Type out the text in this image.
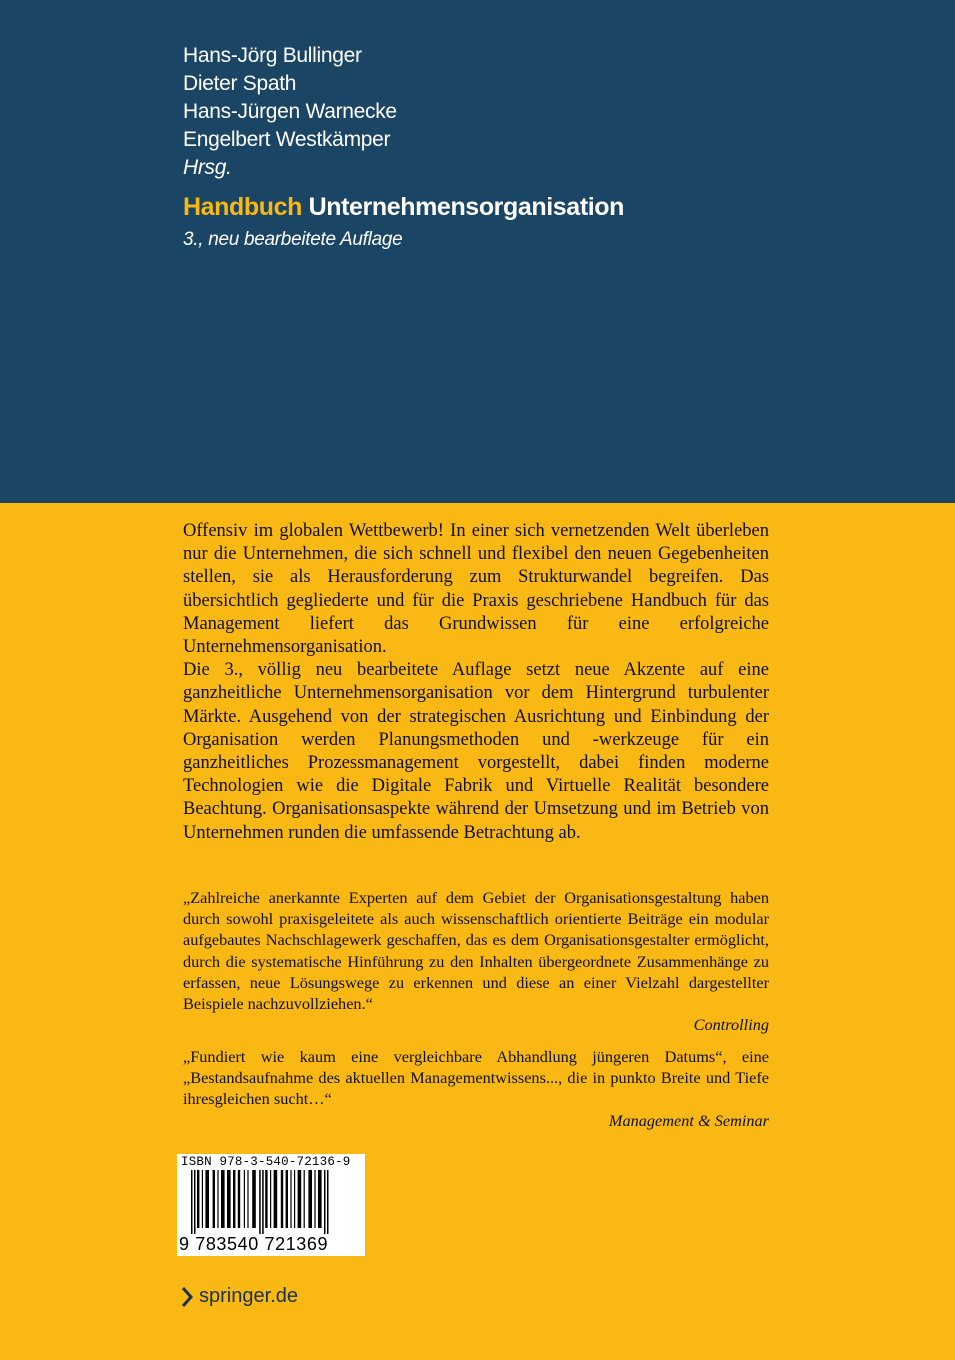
Hans-Jörg Bullinger
Dieter Spath
Hans-Jürgen Warnecke
Engelbert Westkämper
Hrsg.
Handbuch Unternehmensorganisation
3., neu bearbeitete Auflage

Offensiv im globalen Wettbewerb! In einer sich vernetzenden Welt überleben nur die Unternehmen, die sich schnell und flexibel den neuen Gegebenheiten stellen, sie als Herausforderung zum Strukturwandel begreifen. Das übersichtlich gegliederte und für die Praxis geschriebene Handbuch für das Management liefert das Grundwissen für eine erfolgreiche Unternehmensorganisation.

Die 3., völlig neu bearbeitete Auflage setzt neue Akzente auf eine ganzheitliche Unternehmensorganisation vor dem Hintergrund turbulenter Märkte. Ausgehend von der strategischen Ausrichtung und Einbindung der Organisation werden Planungsmethoden und -werkzeuge für ein ganzheitliches Prozessmanagement vorgestellt, dabei finden moderne Technologien wie die Digitale Fabrik und Virtuelle Realität besondere Beachtung. Organisationsaspekte während der Umsetzung und im Betrieb von Unternehmen runden die umfassende Betrachtung ab.

„Zahlreiche anerkannte Experten auf dem Gebiet der Organisationsgestaltung haben durch sowohl praxisgeleitete als auch wissenschaftlich orientierte Beiträge ein modular aufgebautes Nachschlagewerk geschaffen, das es dem Organisationsgestalter ermöglicht, durch die systematische Hinführung zu den Inhalten übergeordnete Zusammenhänge zu erfassen, neue Lösungswege zu erkennen und diese an einer Vielzahl dargestellter Beispiele nachzuvollziehen.“

Controlling

„Fundiert wie kaum eine vergleichbare Abhandlung jüngeren Datums“, eine „Bestandsaufnahme des aktuellen Managementwissens..., die in punkto Breite und Tiefe ihresgleichen sucht…“

Management & Seminar

ISBN 978-3-540-72136-9
9 783540 721369
springer.de
